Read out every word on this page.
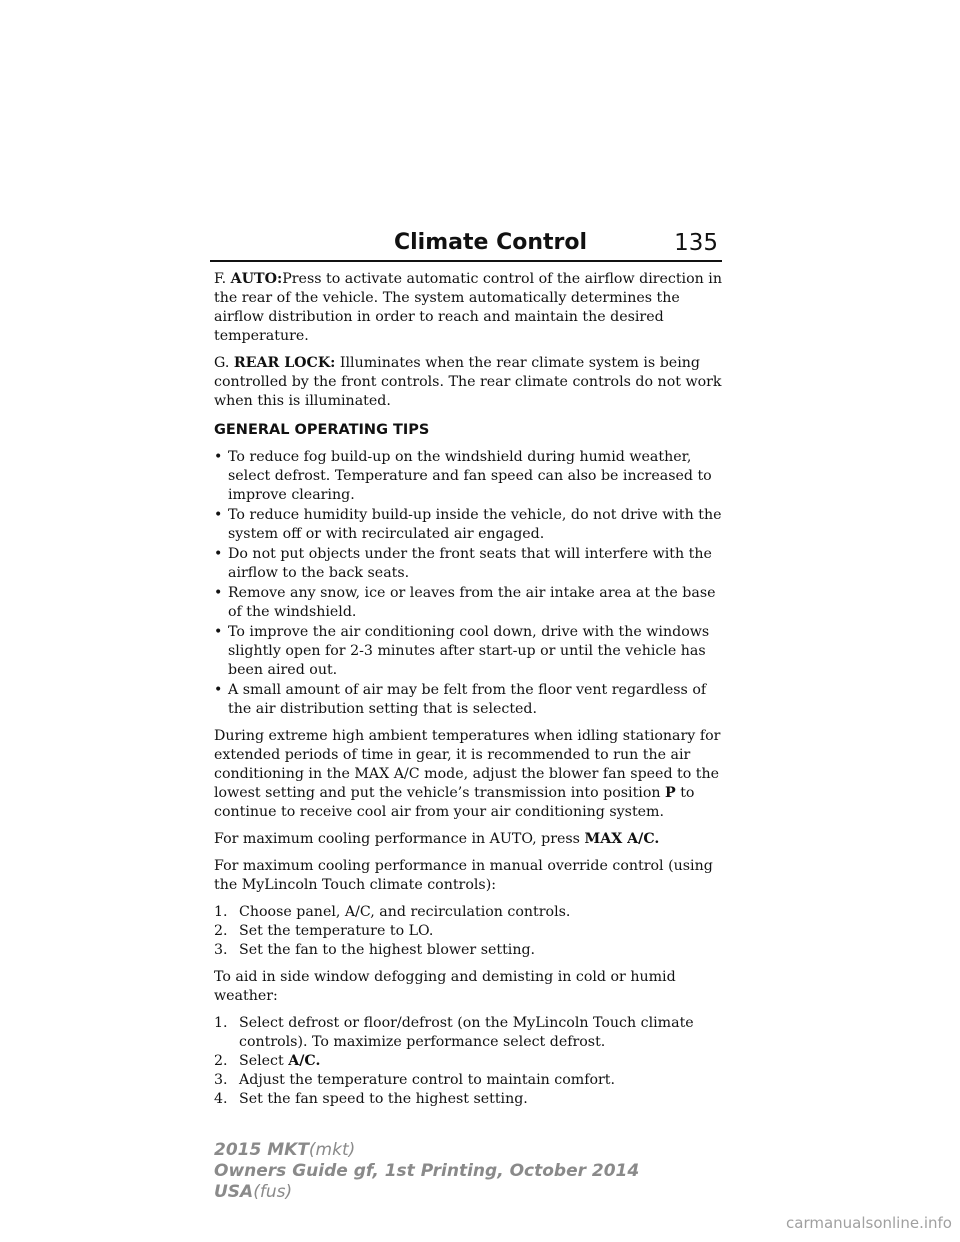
Climate Control	135

F. AUTO:Press to activate automatic control of the airflow direction in the rear of the vehicle. The system automatically determines the airflow distribution in order to reach and maintain the desired temperature.

G. REAR LOCK: Illuminates when the rear climate system is being controlled by the front controls. The rear climate controls do not work when this is illuminated.

GENERAL OPERATING TIPS
• To reduce fog build-up on the windshield during humid weather, select defrost. Temperature and fan speed can also be increased to improve clearing.
• To reduce humidity build-up inside the vehicle, do not drive with the system off or with recirculated air engaged.
• Do not put objects under the front seats that will interfere with the airflow to the back seats.
• Remove any snow, ice or leaves from the air intake area at the base of the windshield.
• To improve the air conditioning cool down, drive with the windows slightly open for 2-3 minutes after start-up or until the vehicle has been aired out.
• A small amount of air may be felt from the floor vent regardless of the air distribution setting that is selected.

During extreme high ambient temperatures when idling stationary for extended periods of time in gear, it is recommended to run the air conditioning in the MAX A/C mode, adjust the blower fan speed to the lowest setting and put the vehicle’s transmission into position P to continue to receive cool air from your air conditioning system.

For maximum cooling performance in AUTO, press MAX A/C.

For maximum cooling performance in manual override control (using the MyLincoln Touch climate controls):

1. Choose panel, A/C, and recirculation controls.
2. Set the temperature to LO.
3. Set the fan to the highest blower setting.

To aid in side window defogging and demisting in cold or humid weather:

1. Select defrost or floor/defrost (on the MyLincoln Touch climate controls). To maximize performance select defrost.
2. Select A/C.
3. Adjust the temperature control to maintain comfort.
4. Set the fan speed to the highest setting.
2015 MKT(mkt)
Owners Guide gf, 1st Printing, October 2014
USA(fus)
carmanualsonline.info
